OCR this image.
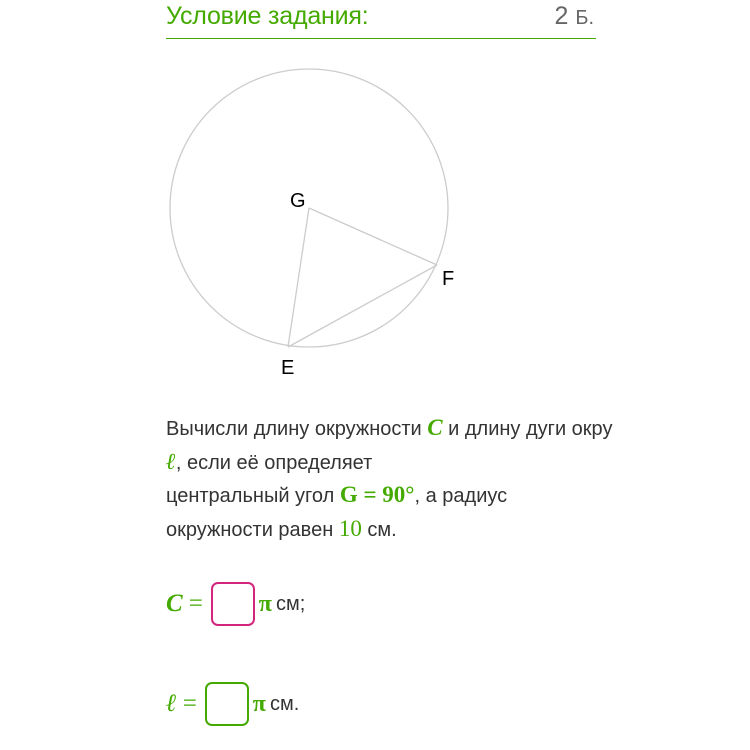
Условие задания:	2 Б.
G
F
E
Вычисли длину окружности C и длину дуги окру
ℓ, если её определяет
центральный угол G = 90°, а радиус
окружности равен 10 см.
C = π см;
ℓ = π см.
